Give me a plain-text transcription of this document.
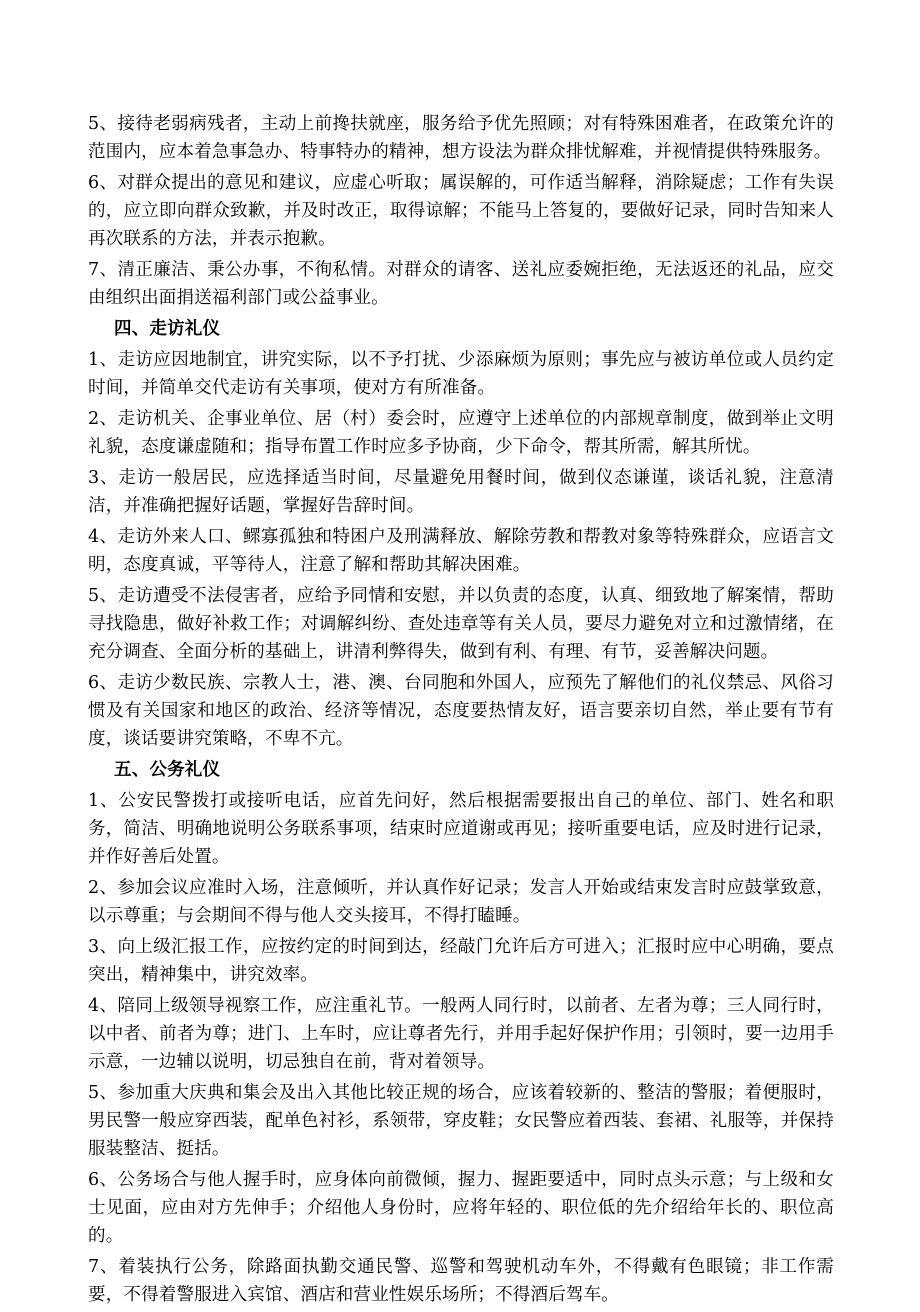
5、接待老弱病残者，主动上前搀扶就座，服务给予优先照顾；对有特殊困难者，在政策允许的范围内，应本着急事急办、特事特办的精神，想方设法为群众排忧解难，并视情提供特殊服务。

6、对群众提出的意见和建议，应虚心听取；属误解的，可作适当解释，消除疑虑；工作有失误的，应立即向群众致歉，并及时改正，取得谅解；不能马上答复的，要做好记录，同时告知来人再次联系的方法，并表示抱歉。

7、清正廉洁、秉公办事，不徇私情。对群众的请客、送礼应委婉拒绝，无法返还的礼品，应交由组织出面捐送福利部门或公益事业。

四、走访礼仪

1、走访应因地制宜，讲究实际，以不予打扰、少添麻烦为原则；事先应与被访单位或人员约定时间，并简单交代走访有关事项，使对方有所准备。

2、走访机关、企事业单位、居（村）委会时，应遵守上述单位的内部规章制度，做到举止文明礼貌，态度谦虚随和；指导布置工作时应多予协商，少下命令，帮其所需，解其所忧。

3、走访一般居民，应选择适当时间，尽量避免用餐时间，做到仪态谦谨，谈话礼貌，注意清洁，并准确把握好话题，掌握好告辞时间。

4、走访外来人口、鳏寡孤独和特困户及刑满释放、解除劳教和帮教对象等特殊群众，应语言文明，态度真诚，平等待人，注意了解和帮助其解决困难。

5、走访遭受不法侵害者，应给予同情和安慰，并以负责的态度，认真、细致地了解案情，帮助寻找隐患，做好补救工作；对调解纠纷、查处违章等有关人员，要尽力避免对立和过激情绪，在充分调查、全面分析的基础上，讲清利弊得失，做到有利、有理、有节，妥善解决问题。

6、走访少数民族、宗教人士，港、澳、台同胞和外国人，应预先了解他们的礼仪禁忌、风俗习惯及有关国家和地区的政治、经济等情况，态度要热情友好，语言要亲切自然，举止要有节有度，谈话要讲究策略，不卑不亢。

五、公务礼仪

1、公安民警拨打或接听电话，应首先问好，然后根据需要报出自己的单位、部门、姓名和职务，简洁、明确地说明公务联系事项，结束时应道谢或再见；接听重要电话，应及时进行记录，并作好善后处置。

2、参加会议应准时入场，注意倾听，并认真作好记录；发言人开始或结束发言时应鼓掌致意，以示尊重；与会期间不得与他人交头接耳，不得打瞌睡。

3、向上级汇报工作，应按约定的时间到达，经敲门允许后方可进入；汇报时应中心明确，要点突出，精神集中，讲究效率。

4、陪同上级领导视察工作，应注重礼节。一般两人同行时，以前者、左者为尊；三人同行时，以中者、前者为尊；进门、上车时，应让尊者先行，并用手起好保护作用；引领时，要一边用手示意，一边辅以说明，切忌独自在前，背对着领导。

5、参加重大庆典和集会及出入其他比较正规的场合，应该着较新的、整洁的警服；着便服时，男民警一般应穿西装，配单色衬衫，系领带，穿皮鞋；女民警应着西装、套裙、礼服等，并保持服装整洁、挺括。

6、公务场合与他人握手时，应身体向前微倾，握力、握距要适中，同时点头示意；与上级和女士见面，应由对方先伸手；介绍他人身份时，应将年轻的、职位低的先介绍给年长的、职位高的。

7、着装执行公务，除路面执勤交通民警、巡警和驾驶机动车外，不得戴有色眼镜；非工作需要，不得着警服进入宾馆、酒店和营业性娱乐场所；不得酒后驾车。
